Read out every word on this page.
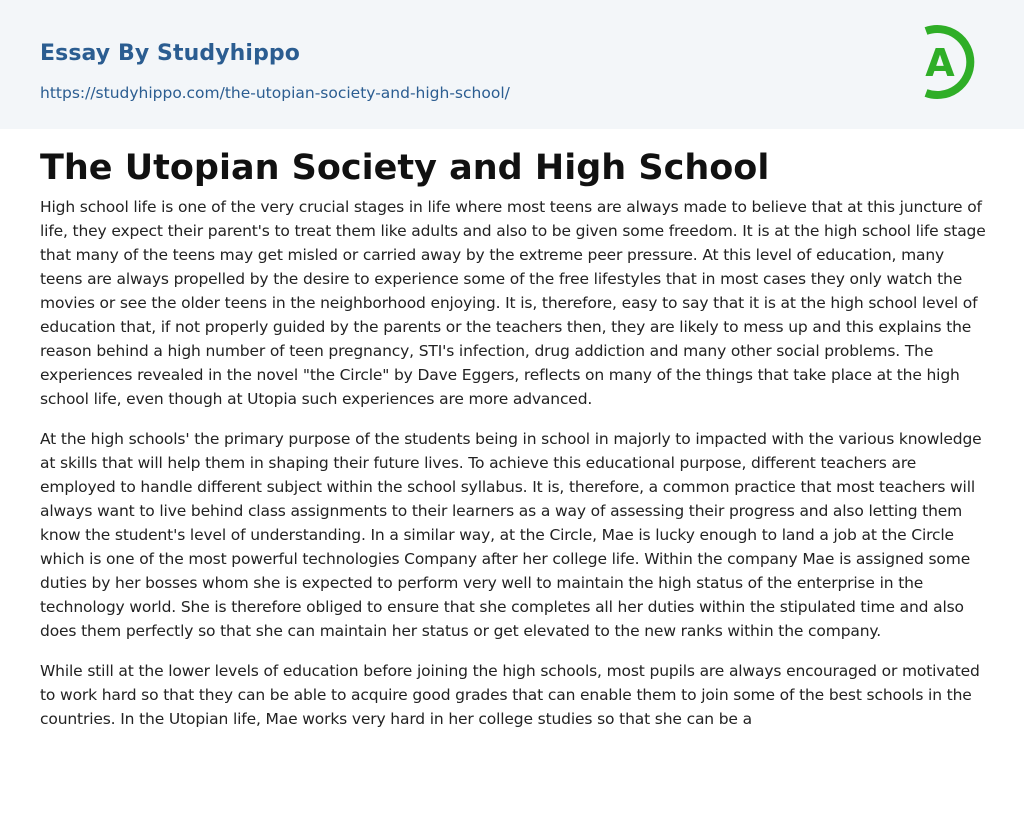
Essay By Studyhippo
https://studyhippo.com/the-utopian-society-and-high-school/
A
The Utopian Society and High School

High school life is one of the very crucial stages in life where most teens are always made to believe that at this juncture of life, they expect their parent's to treat them like adults and also to be given some freedom. It is at the high school life stage that many of the teens may get misled or carried away by the extreme peer pressure. At this level of education, many teens are always propelled by the desire to experience some of the free lifestyles that in most cases they only watch the movies or see the older teens in the neighborhood enjoying. It is, therefore, easy to say that it is at the high school level of education that, if not properly guided by the parents or the teachers then, they are likely to mess up and this explains the reason behind a high number of teen pregnancy, STI's infection, drug addiction and many other social problems. The experiences revealed in the novel "the Circle" by Dave Eggers, reflects on many of the things that take place at the high school life, even though at Utopia such experiences are more advanced.

At the high schools' the primary purpose of the students being in school in majorly to impacted with the various knowledge at skills that will help them in shaping their future lives. To achieve this educational purpose, different teachers are employed to handle different subject within the school syllabus. It is, therefore, a common practice that most teachers will always want to live behind class assignments to their learners as a way of assessing their progress and also letting them know the student's level of understanding. In a similar way, at the Circle, Mae is lucky enough to land a job at the Circle which is one of the most powerful technologies Company after her college life. Within the company Mae is assigned some duties by her bosses whom she is expected to perform very well to maintain the high status of the enterprise in the technology world. She is therefore obliged to ensure that she completes all her duties within the stipulated time and also does them perfectly so that she can maintain her status or get elevated to the new ranks within the company.

While still at the lower levels of education before joining the high schools, most pupils are always encouraged or motivated to work hard so that they can be able to acquire good grades that can enable them to join some of the best schools in the countries. In the Utopian life, Mae works very hard in her college studies so that she can be a
